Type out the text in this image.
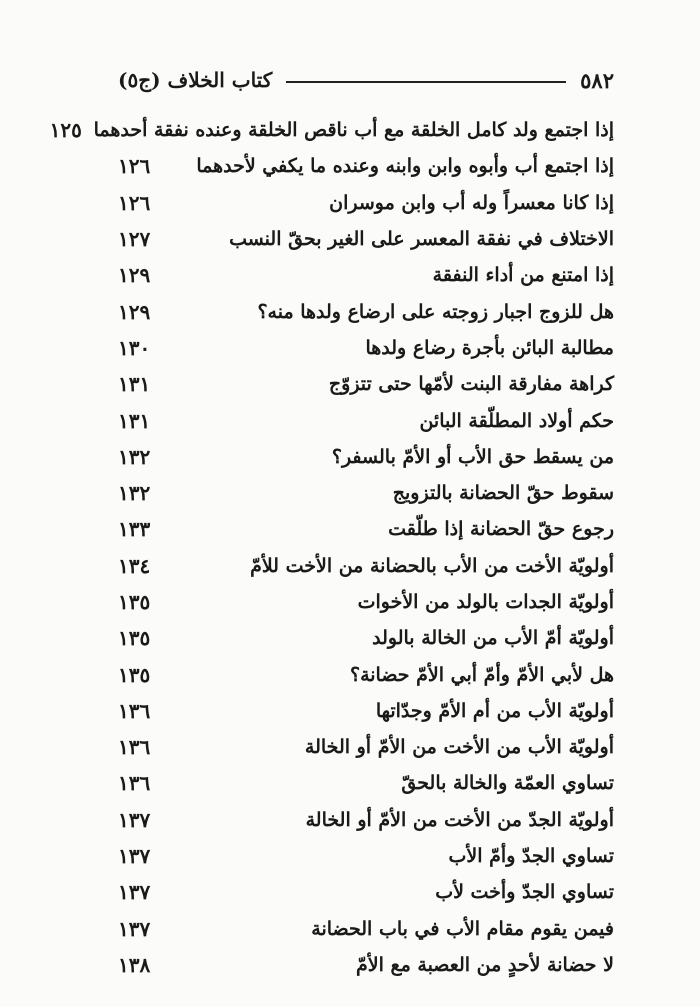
٥٨٢
كتاب الخلاف (ج٥)
إذا اجتمع ولد كامل الخلقة مع أب ناقص الخلقة وعنده نفقة أحدهما
١٢٥
إذا اجتمع أب وأبوه وابن وابنه وعنده ما يكفي لأحدهما
١٢٦
إذا كانا معسراً وله أب وابن موسران
١٢٦
الاختلاف في نفقة المعسر على الغير بحقّ النسب
١٢٧
إذا امتنع من أداء النفقة
١٢٩
هل للزوج اجبار زوجته على ارضاع ولدها منه؟
١٢٩
مطالبة البائن بأجرة رضاع ولدها
١٣٠
كراهة مفارقة البنت لأمّها حتى تتزوّج
١٣١
حكم أولاد المطلّقة البائن
١٣١
من يسقط حق الأب أو الأمّ بالسفر؟
١٣٢
سقوط حقّ الحضانة بالتزويج
١٣٢
رجوع حقّ الحضانة إذا طلّقت
١٣٣
أولويّة الأخت من الأب بالحضانة من الأخت للأمّ
١٣٤
أولويّة الجدات بالولد من الأخوات
١٣٥
أولويّة أمّ الأب من الخالة بالولد
١٣٥
هل لأبي الأمّ وأمّ أبي الأمّ حضانة؟
١٣٥
أولويّة الأب من أم الأمّ وجدّاتها
١٣٦
أولويّة الأب من الأخت من الأمّ أو الخالة
١٣٦
تساوي العمّة والخالة بالحقّ
١٣٦
أولويّة الجدّ من الأخت من الأمّ أو الخالة
١٣٧
تساوي الجدّ وأمّ الأب
١٣٧
تساوي الجدّ وأخت لأب
١٣٧
فيمن يقوم مقام الأب في باب الحضانة
١٣٧
لا حضانة لأحدٍ من العصبة مع الأمّ
١٣٨
